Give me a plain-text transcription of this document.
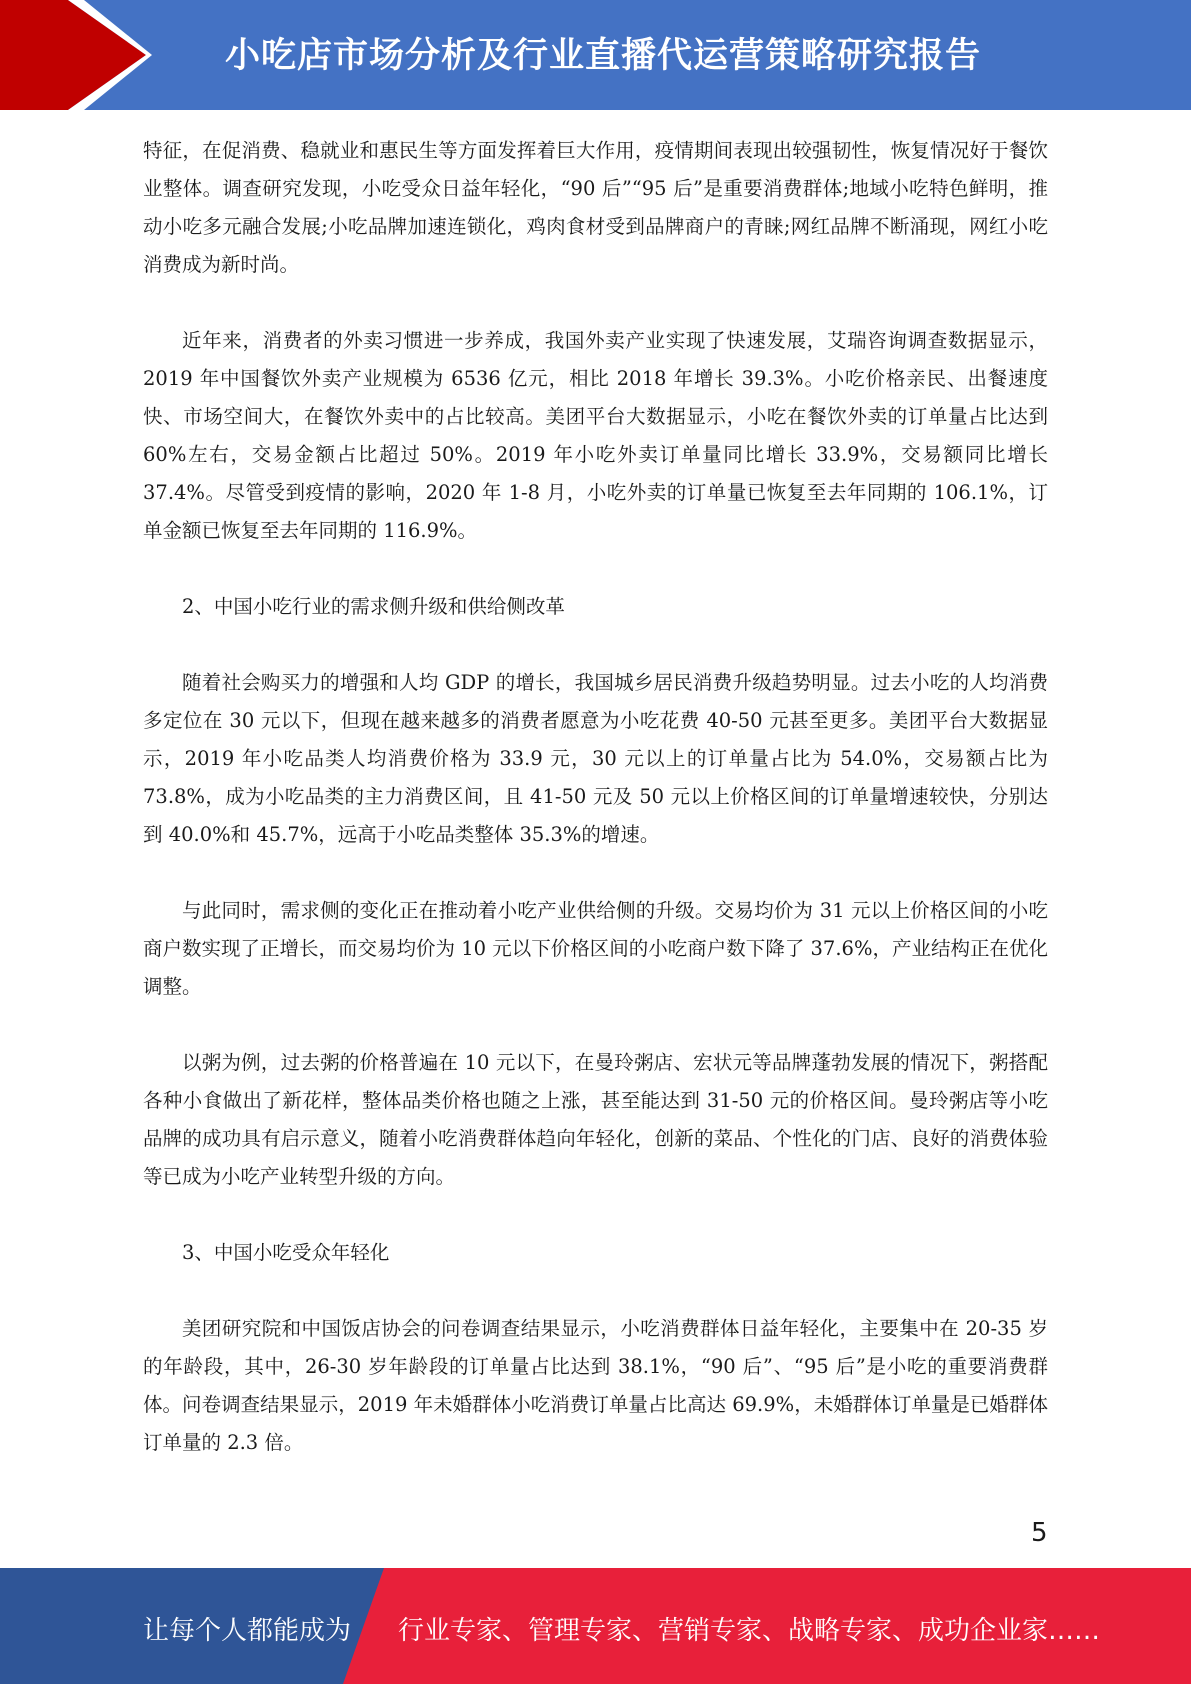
小吃店市场分析及行业直播代运营策略研究报告

特征，在促消费、稳就业和惠民生等方面发挥着巨大作用，疫情期间表现出较强韧性，恢复情况好于餐饮业整体。调查研究发现，小吃受众日益年轻化，“90 后”“95 后”是重要消费群体;地域小吃特色鲜明，推动小吃多元融合发展;小吃品牌加速连锁化，鸡肉食材受到品牌商户的青睐;网红品牌不断涌现，网红小吃消费成为新时尚。

近年来，消费者的外卖习惯进一步养成，我国外卖产业实现了快速发展，艾瑞咨询调查数据显示，2019 年中国餐饮外卖产业规模为 6536 亿元，相比 2018 年增长 39.3%。小吃价格亲民、出餐速度快、市场空间大，在餐饮外卖中的占比较高。美团平台大数据显示，小吃在餐饮外卖的订单量占比达到 60%左右，交易金额占比超过 50%。2019 年小吃外卖订单量同比增长 33.9%，交易额同比增长 37.4%。尽管受到疫情的影响，2020 年 1-8 月，小吃外卖的订单量已恢复至去年同期的 106.1%，订单金额已恢复至去年同期的 116.9%。

2、中国小吃行业的需求侧升级和供给侧改革

随着社会购买力的增强和人均 GDP 的增长，我国城乡居民消费升级趋势明显。过去小吃的人均消费多定位在 30 元以下，但现在越来越多的消费者愿意为小吃花费 40-50 元甚至更多。美团平台大数据显示，2019 年小吃品类人均消费价格为 33.9 元，30 元以上的订单量占比为 54.0%，交易额占比为 73.8%，成为小吃品类的主力消费区间，且 41-50 元及 50 元以上价格区间的订单量增速较快，分别达到 40.0%和 45.7%，远高于小吃品类整体 35.3%的增速。

与此同时，需求侧的变化正在推动着小吃产业供给侧的升级。交易均价为 31 元以上价格区间的小吃商户数实现了正增长，而交易均价为 10 元以下价格区间的小吃商户数下降了 37.6%，产业结构正在优化调整。

以粥为例，过去粥的价格普遍在 10 元以下，在曼玲粥店、宏状元等品牌蓬勃发展的情况下，粥搭配各种小食做出了新花样，整体品类价格也随之上涨，甚至能达到 31-50 元的价格区间。曼玲粥店等小吃品牌的成功具有启示意义，随着小吃消费群体趋向年轻化，创新的菜品、个性化的门店、良好的消费体验等已成为小吃产业转型升级的方向。

3、中国小吃受众年轻化

美团研究院和中国饭店协会的问卷调查结果显示，小吃消费群体日益年轻化，主要集中在 20-35 岁的年龄段，其中，26-30 岁年龄段的订单量占比达到 38.1%，“90 后”、“95 后”是小吃的重要消费群体。问卷调查结果显示，2019 年未婚群体小吃消费订单量占比高达 69.9%，未婚群体订单量是已婚群体订单量的 2.3 倍。

5
让每个人都能成为 行业专家、管理专家、营销专家、战略专家、成功企业家……
